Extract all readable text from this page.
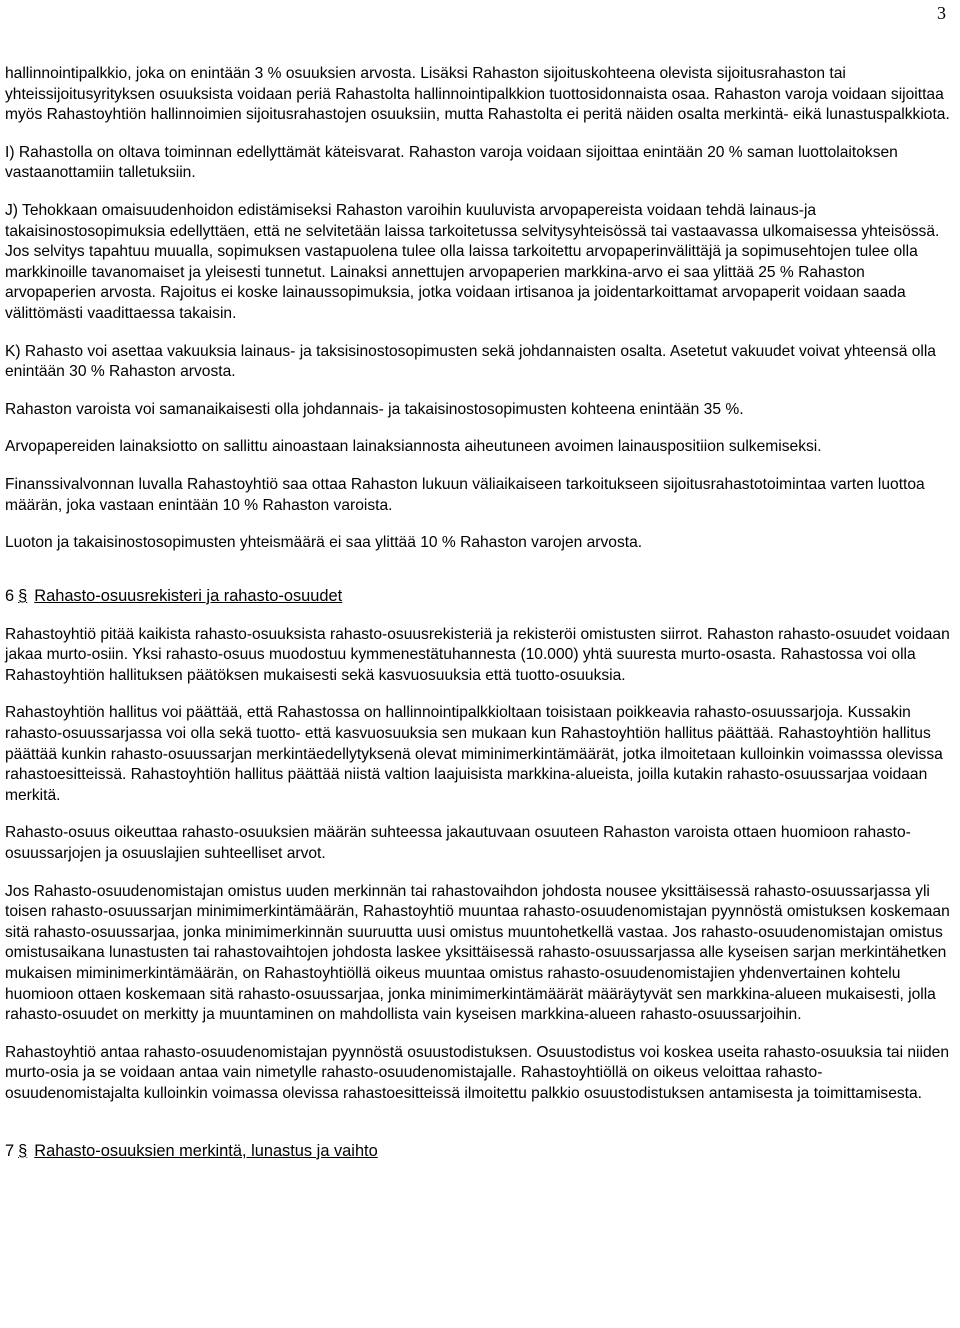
3

hallinnointipalkkio, joka on enintään 3 % osuuksien arvosta. Lisäksi Rahaston sijoituskohteena olevista sijoitusrahaston tai yhteissijoitusyrityksen osuuksista voidaan periä Rahastolta hallinnointipalkkion tuottosidonnaista osaa. Rahaston varoja voidaan sijoittaa myös Rahastoyhtiön hallinnoimien sijoitusrahastojen osuuksiin, mutta Rahastolta ei peritä näiden osalta merkintä- eikä lunastuspalkkiota.

I) Rahastolla on oltava toiminnan edellyttämät käteisvarat. Rahaston varoja voidaan sijoittaa enintään 20 % saman luottolaitoksen vastaanottamiin talletuksiin.

J) Tehokkaan omaisuudenhoidon edistämiseksi Rahaston varoihin kuuluvista arvopapereista voidaan tehdä lainaus-ja takaisinostosopimuksia edellyttäen, että ne selvitetään laissa tarkoitetussa selvitysyhteisössä tai vastaavassa ulkomaisessa yhteisössä. Jos selvitys tapahtuu muualla, sopimuksen vastapuolena tulee olla laissa tarkoitettu arvopaperinvälittäjä ja sopimusehtojen tulee olla markkinoille tavanomaiset ja yleisesti tunnetut. Lainaksi annettujen arvopaperien markkina-arvo ei saa ylittää 25 % Rahaston arvopaperien arvosta. Rajoitus ei koske lainaussopimuksia, jotka voidaan irtisanoa ja joidentarkoittamat arvopaperit voidaan saada välittömästi vaadittaessa takaisin.

K) Rahasto voi asettaa vakuuksia lainaus- ja taksisinostosopimusten sekä johdannaisten osalta. Asetetut vakuudet voivat yhteensä olla enintään 30 % Rahaston arvosta.

Rahaston varoista voi samanaikaisesti olla johdannais- ja takaisinostosopimusten kohteena enintään 35 %.

Arvopapereiden lainaksiotto on sallittu ainoastaan lainaksiannosta aiheutuneen avoimen lainauspositiion sulkemiseksi.

Finanssivalvonnan luvalla Rahastoyhtiö saa ottaa Rahaston lukuun väliaikaiseen tarkoitukseen sijoitusrahastotoimintaa varten luottoa määrän, joka vastaan enintään 10 % Rahaston varoista.

Luoton ja takaisinostosopimusten yhteismäärä ei saa ylittää 10 % Rahaston varojen arvosta.

6 § Rahasto-osuusrekisteri ja rahasto-osuudet

Rahastoyhtiö pitää kaikista rahasto-osuuksista rahasto-osuusrekisteriä ja rekisteröi omistusten siirrot. Rahaston rahasto-osuudet voidaan jakaa murto-osiin. Yksi rahasto-osuus muodostuu kymmenestätuhannesta (10.000) yhtä suuresta murto-osasta. Rahastossa voi olla Rahastoyhtiön hallituksen päätöksen mukaisesti sekä kasvuosuuksia että tuotto-osuuksia.

Rahastoyhtiön hallitus voi päättää, että Rahastossa on hallinnointipalkkioltaan toisistaan poikkeavia rahasto-osuussarjoja. Kussakin rahasto-osuussarjassa voi olla sekä tuotto- että kasvuosuuksia sen mukaan kun Rahastoyhtiön hallitus päättää. Rahastoyhtiön hallitus päättää kunkin rahasto-osuussarjan merkintäedellytyksenä olevat miminimerkintämäärät, jotka ilmoitetaan kulloinkin voimasssa olevissa rahastoesitteissä. Rahastoyhtiön hallitus päättää niistä valtion laajuisista markkina-alueista, joilla kutakin rahasto-osuussarjaa voidaan merkitä.

Rahasto-osuus oikeuttaa rahasto-osuuksien määrän suhteessa jakautuvaan osuuteen Rahaston varoista ottaen huomioon rahasto-osuussarjojen ja osuuslajien suhteelliset arvot.

Jos Rahasto-osuudenomistajan omistus uuden merkinnän tai rahastovaihdon johdosta nousee yksittäisessä rahasto-osuussarjassa yli toisen rahasto-osuussarjan minimimerkintämäärän, Rahastoyhtiö muuntaa rahasto-osuudenomistajan pyynnöstä omistuksen koskemaan sitä rahasto-osuussarjaa, jonka minimimerkinnän suuruutta uusi omistus muuntohetkellä vastaa. Jos rahasto-osuudenomistajan omistus omistusaikana lunastusten tai rahastovaihtojen johdosta laskee yksittäisessä rahasto-osuussarjassa alle kyseisen sarjan merkintähetken mukaisen miminimerkintämäärän, on Rahastoyhtiöllä oikeus muuntaa omistus rahasto-osuudenomistajien yhdenvertainen kohtelu huomioon ottaen koskemaan sitä rahasto-osuussarjaa, jonka minimimerkintämäärät määräytyvät sen markkina-alueen mukaisesti, jolla rahasto-osuudet on merkitty ja muuntaminen on mahdollista vain kyseisen markkina-alueen rahasto-osuussarjoihin.

Rahastoyhtiö antaa rahasto-osuudenomistajan pyynnöstä osuustodistuksen. Osuustodistus voi koskea useita rahasto-osuuksia tai niiden murto-osia ja se voidaan antaa vain nimetylle rahasto-osuudenomistajalle. Rahastoyhtiöllä on oikeus veloittaa rahasto-osuudenomistajalta kulloinkin voimassa olevissa rahastoesitteissä ilmoitettu palkkio osuustodistuksen antamisesta ja toimittamisesta.

7 § Rahasto-osuuksien merkintä, lunastus ja vaihto
